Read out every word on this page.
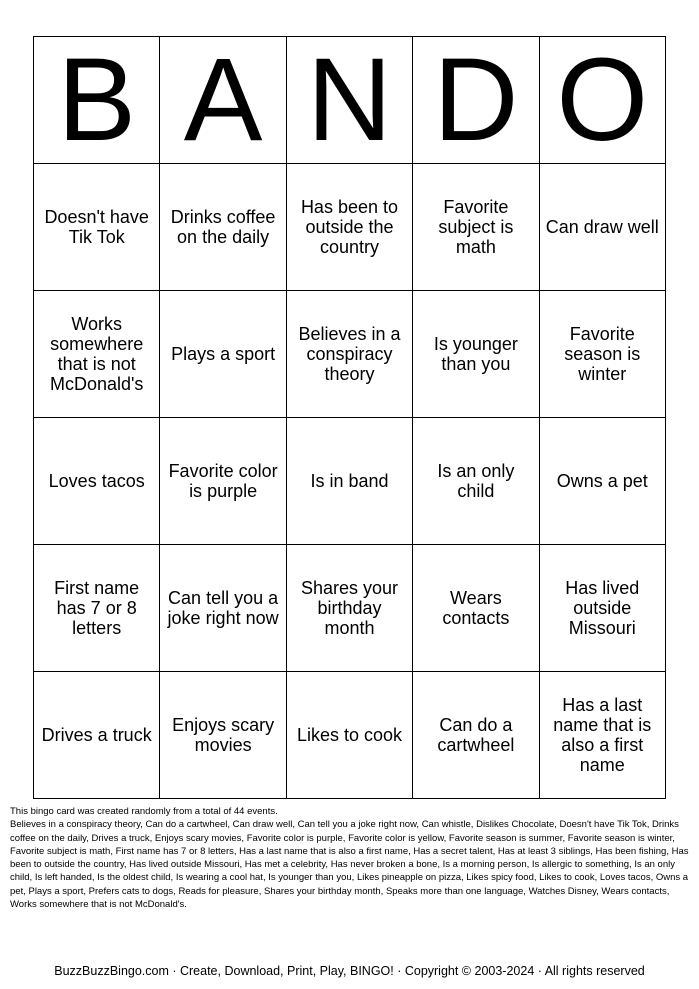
B	A	N	D	O
Doesn't have Tik Tok	Drinks coffee on the daily	Has been to outside the country	Favorite subject is math	Can draw well
Works somewhere that is not McDonald's	Plays a sport	Believes in a conspiracy theory	Is younger than you	Favorite season is winter
Loves tacos	Favorite color is purple	Is in band	Is an only child	Owns a pet
First name has 7 or 8 letters	Can tell you a joke right now	Shares your birthday month	Wears contacts	Has lived outside Missouri
Drives a truck	Enjoys scary movies	Likes to cook	Can do a cartwheel	Has a last name that is also a first name
This bingo card was created randomly from a total of 44 events.
Believes in a conspiracy theory, Can do a cartwheel, Can draw well, Can tell you a joke right now, Can whistle, Dislikes Chocolate, Doesn't have Tik Tok, Drinks coffee on the daily, Drives a truck, Enjoys scary movies, Favorite color is purple, Favorite color is yellow, Favorite season is summer, Favorite season is winter, Favorite subject is math, First name has 7 or 8 letters, Has a last name that is also a first name, Has a secret talent, Has at least 3 siblings, Has been fishing, Has been to outside the country, Has lived outside Missouri, Has met a celebrity, Has never broken a bone, Is a morning person, Is allergic to something, Is an only child, Is left handed, Is the oldest child, Is wearing a cool hat, Is younger than you, Likes pineapple on pizza, Likes spicy food, Likes to cook, Loves tacos, Owns a pet, Plays a sport, Prefers cats to dogs, Reads for pleasure, Shares your birthday month, Speaks more than one language, Watches Disney, Wears contacts, Works somewhere that is not McDonald's.
BuzzBuzzBingo.com · Create, Download, Print, Play, BINGO! · Copyright © 2003-2024 · All rights reserved
